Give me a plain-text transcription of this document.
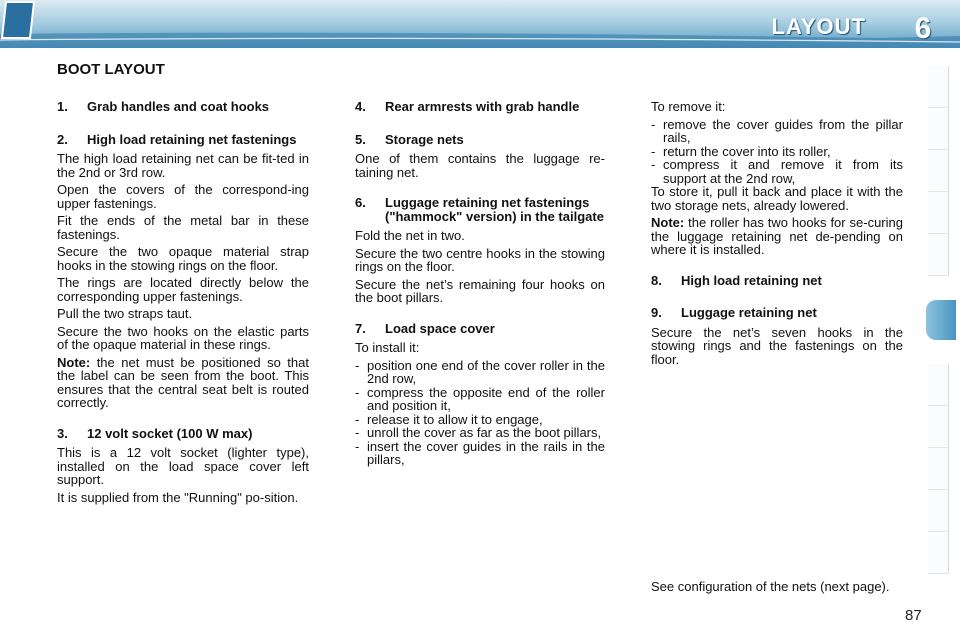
LAYOUT	6
BOOT LAYOUT
1.	Grab handles and coat hooks
2.	High load retaining net fastenings

The high load retaining net can be fit-ted in the 2nd or 3rd row.

Open the covers of the correspond-ing upper fastenings.

Fit the ends of the metal bar in these fastenings.

Secure the two opaque material strap hooks in the stowing rings on the floor.

The rings are located directly below the corresponding upper fastenings.

Pull the two straps taut.

Secure the two hooks on the elastic parts of the opaque material in these rings.

Note: the net must be positioned so that the label can be seen from the boot. This ensures that the central seat belt is routed correctly.

3.	12 volt socket (100 W max)

This is a 12 volt socket (lighter type), installed on the load space cover left support.

It is supplied from the "Running" po-sition.

4.	Rear armrests with grab handle
5.	Storage nets

One of them contains the luggage re-taining net.

6.	Luggage retaining net fastenings ("hammock" version) in the tailgate

Fold the net in two.

Secure the two centre hooks in the stowing rings on the floor.

Secure the net’s remaining four hooks on the boot pillars.

7.	Load space cover

To install it:

- position one end of the cover roller in the 2nd row,
- compress the opposite end of the roller and position it,
- release it to allow it to engage,
- unroll the cover as far as the boot pillars,
- insert the cover guides in the rails in the pillars,

To remove it:

- remove the cover guides from the pillar rails,
- return the cover into its roller,
- compress it and remove it from its support at the 2nd row,

To store it, pull it back and place it with the two storage nets, already lowered.

Note: the roller has two hooks for se-curing the luggage retaining net de-pending on where it is installed.

8.	High load retaining net
9.	Luggage retaining net

Secure the net’s seven hooks in the stowing rings and the fastenings on the floor.

See configuration of the nets (next page).
87
